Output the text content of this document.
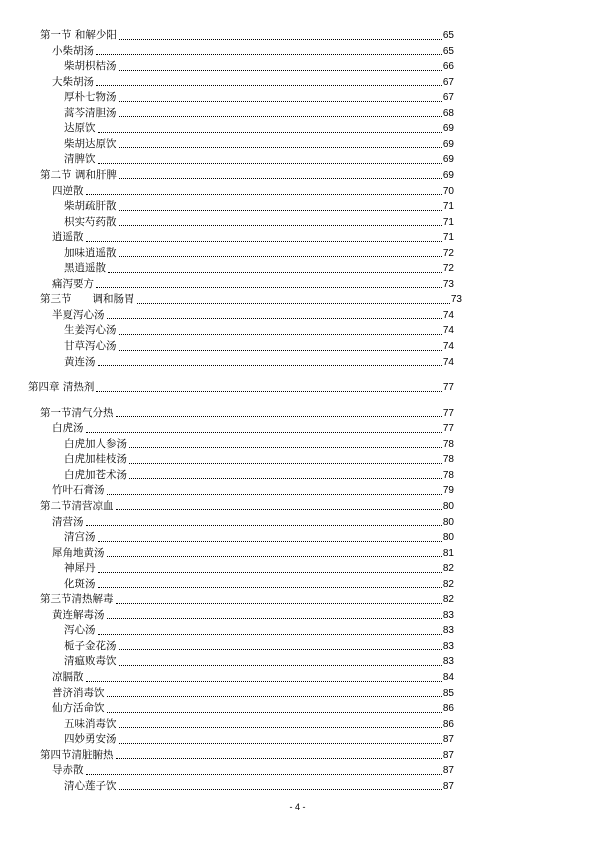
第一节 和解少阳	65
小柴胡汤	65
柴胡枳桔汤	66
大柴胡汤	67
厚朴七物汤	67
蒿芩清胆汤	68
达原饮	69
柴胡达原饮	69
清脾饮	69
第二节 调和肝脾	69
四逆散	70
柴胡疏肝散	71
枳实芍药散	71
逍遥散	71
加味逍遥散	72
黑逍遥散	72
痛泻要方	73
第三节　　调和肠胃	73
半夏泻心汤	74
生姜泻心汤	74
甘草泻心汤	74
黄连汤	74
第四章 清热剂	77
第一节清气分热	77
白虎汤	77
白虎加人参汤	78
白虎加桂枝汤	78
白虎加苍术汤	78
竹叶石膏汤	79
第二节清营凉血	80
清营汤	80
清宫汤	80
犀角地黄汤	81
神犀丹	82
化斑汤	82
第三节清热解毒	82
黄连解毒汤	83
泻心汤	83
栀子金花汤	83
清瘟败毒饮	83
凉膈散	84
普济消毒饮	85
仙方活命饮	86
五味消毒饮	86
四妙勇安汤	87
第四节清脏腑热	87
导赤散	87
清心莲子饮	87
- 4 -
